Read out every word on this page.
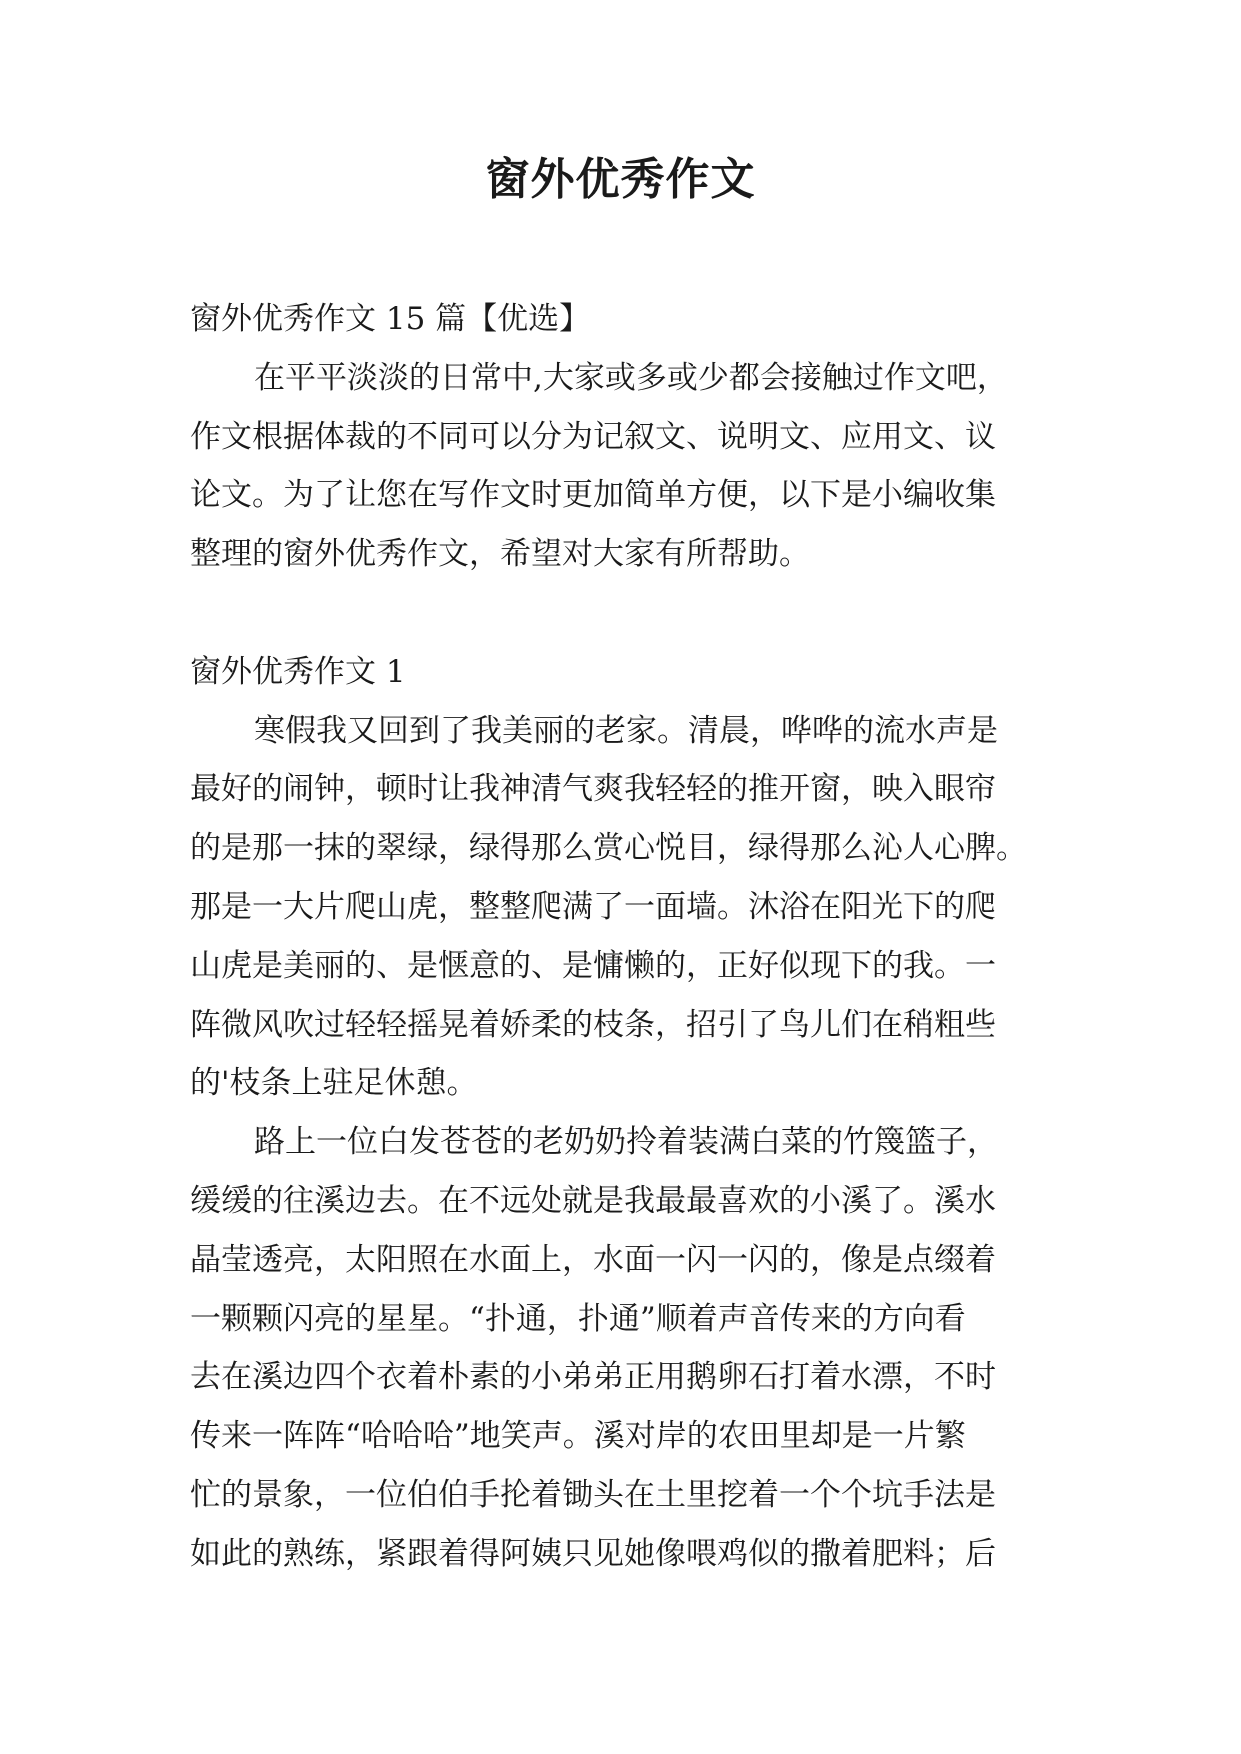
窗外优秀作文
窗外优秀作文 15 篇【优选】
在平平淡淡的日常中,大家或多或少都会接触过作文吧，
作文根据体裁的不同可以分为记叙文、说明文、应用文、议
论文。为了让您在写作文时更加简单方便，以下是小编收集
整理的窗外优秀作文，希望对大家有所帮助。
窗外优秀作文 1
寒假我又回到了我美丽的老家。清晨，哗哗的流水声是
最好的闹钟，顿时让我神清气爽我轻轻的推开窗，映入眼帘
的是那一抹的翠绿，绿得那么赏心悦目，绿得那么沁人心脾。
那是一大片爬山虎，整整爬满了一面墙。沐浴在阳光下的爬
山虎是美丽的、是惬意的、是慵懒的，正好似现下的我。一
阵微风吹过轻轻摇晃着娇柔的枝条，招引了鸟儿们在稍粗些
的'枝条上驻足休憩。
路上一位白发苍苍的老奶奶拎着装满白菜的竹篾篮子，
缓缓的往溪边去。在不远处就是我最最喜欢的小溪了。溪水
晶莹透亮，太阳照在水面上，水面一闪一闪的，像是点缀着
一颗颗闪亮的星星。“扑通，扑通”顺着声音传来的方向看
去在溪边四个衣着朴素的小弟弟正用鹅卵石打着水漂，不时
传来一阵阵“哈哈哈”地笑声。溪对岸的农田里却是一片繁
忙的景象，一位伯伯手抡着锄头在土里挖着一个个坑手法是
如此的熟练，紧跟着得阿姨只见她像喂鸡似的撒着肥料；后
